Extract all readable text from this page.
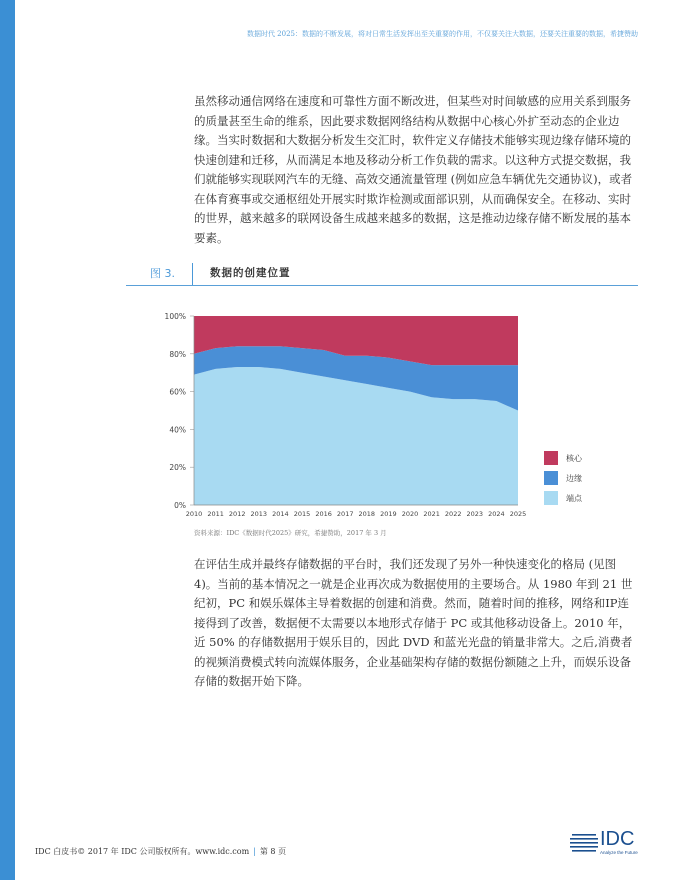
数据时代 2025：数据的不断发展，将对日常生活发挥出至关重要的作用，不仅要关注大数据，还要关注重要的数据，希捷赞助

虽然移动通信网络在速度和可靠性方面不断改进，但某些对时间敏感的应用关系到服务的质量甚至生命的维系，因此要求数据网络结构从数据中心核心外扩至动态的企业边缘。当实时数据和大数据分析发生交汇时，软件定义存储技术能够实现边缘存储环境的快速创建和迁移，从而满足本地及移动分析工作负载的需求。以这种方式提交数据，我们就能够实现联网汽车的无缝、高效交通流量管理 (例如应急车辆优先交通协议)，或者在体育赛事或交通枢纽处开展实时欺诈检测或面部识别，从而确保安全。在移动、实时的世界，越来越多的联网设备生成越来越多的数据，这是推动边缘存储不断发展的基本要素。

图 3.	数据的创建位置
0%
20%
40%
60%
80%
100%
2010 2011 2012 2013 2014 2015 2016 2017 2018 2019 2020 2021 2022 2023 2024 2025
核心
边缘
端点
资料来源：IDC《数据时代2025》研究，希捷赞助，2017 年 3 月

在评估生成并最终存储数据的平台时，我们还发现了另外一种快速变化的格局 (见图 4)。当前的基本情况之一就是企业再次成为数据使用的主要场合。从 1980 年到 21 世纪初，PC 和娱乐媒体主导着数据的创建和消费。然而，随着时间的推移，网络和IP连接得到了改善，数据便不太需要以本地形式存储于 PC 或其他移动设备上。2010 年，近 50% 的存储数据用于娱乐目的，因此 DVD 和蓝光光盘的销量非常大。之后,消费者的视频消费模式转向流媒体服务，企业基础架构存储的数据份额随之上升，而娱乐设备存储的数据开始下降。

IDC 白皮书© 2017 年 IDC 公司版权所有。www.idc.com | 第 8 页
IDC
Analyze the Future
